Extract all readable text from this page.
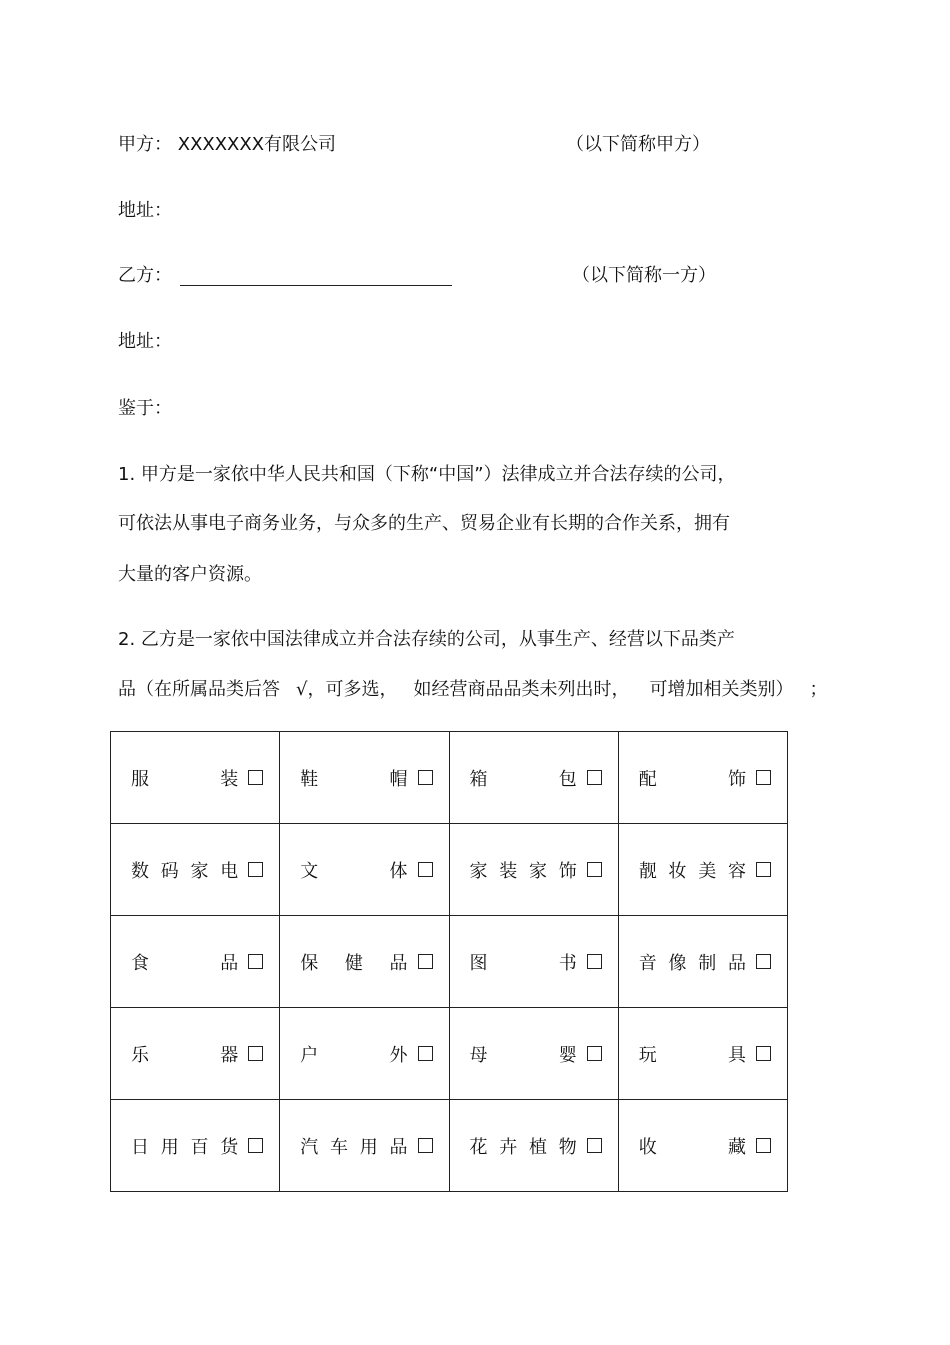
甲方： XXXXXXX有限公司	（以下简称甲方）
地址：
乙方：	（以下简称一方）
地址：
鉴于：
1. 甲方是一家依中华人民共和国（下称“中国”）法律成立并合法存续的公司，
可依法从事电子商务业务，与众多的生产、贸易企业有长期的合作关系，拥有
大量的客户资源。
2. 乙方是一家依中国法律成立并合法存续的公司，从事生产、经营以下品类产
品（在所属品类后答 √，可多选， 如经营商品品类未列出时， 可增加相关类别） ；
服　装	鞋　帽	箱　包	配　饰

数码家电	文　体	家装家饰	靓妆美容

食　品	保健品	图　书	音像制品

乐　器	户　外	母　婴	玩　具

日用百货	汽车用品	花卉植物	收　藏
